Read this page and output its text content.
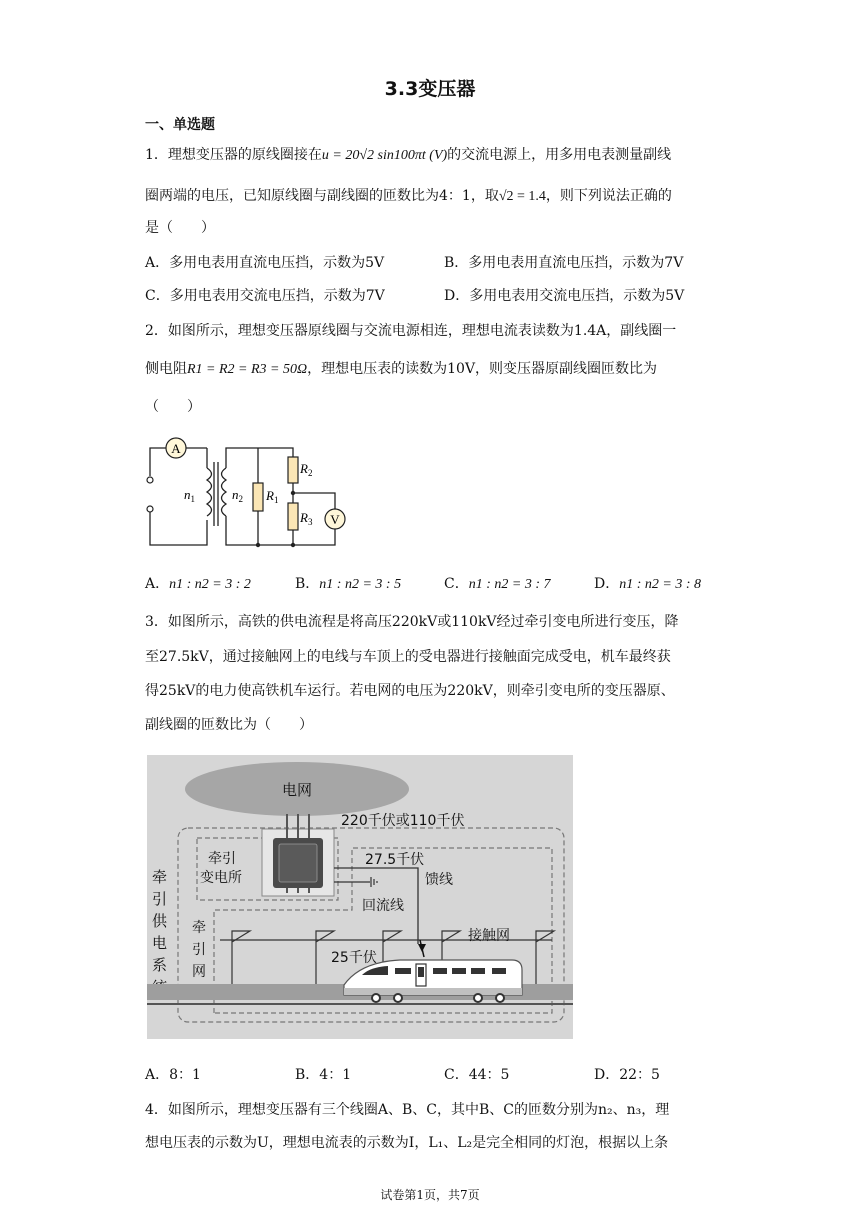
3.3变压器
一、单选题
1．理想变压器的原线圈接在u = 20√2 sin100πt (V)的交流电源上，用多用电表测量副线
圈两端的电压，已知原线圈与副线圈的匝数比为4：1，取√2 = 1.4，则下列说法正确的
是（　　）
A．多用电表用直流电压挡，示数为5V	B．多用电表用直流电压挡，示数为7V
C．多用电表用交流电压挡，示数为7V	D．多用电表用交流电压挡，示数为5V
2．如图所示，理想变压器原线圈与交流电源相连，理想电流表读数为1.4A，副线圈一
侧电阻R1 = R2 = R3 = 50Ω，理想电压表的读数为10V，则变压器原副线圈匝数比为
（　　）
A
V
$n_1$	$n_2$ $R_1$
$R_2$
$R_3$
A．n1 : n2 = 3 : 2	B．n1 : n2 = 3 : 5	C．n1 : n2 = 3 : 7	D．n1 : n2 = 3 : 8
3．如图所示，高铁的供电流程是将高压220kV或110kV经过牵引变电所进行变压，降
至27.5kV，通过接触网上的电线与车顶上的受电器进行接触面完成受电，机车最终获
得25kV的电力使高铁机车运行。若电网的电压为220kV，则牵引变电所的变压器原、
副线圈的匝数比为（　　）
电网
220千伏或110千伏
牵引
变电所
27.5千伏
馈线
回流线
接触网
牵
引
网
25千伏
牵
引
供
电
系
A．8：1	B．4：1	C．44：5	D．22：5
4．如图所示，理想变压器有三个线圈A、B、C，其中B、C的匝数分别为n₂、n₃，理
想电压表的示数为U，理想电流表的示数为I，L₁、L₂是完全相同的灯泡，根据以上条
试卷第1页，共7页
